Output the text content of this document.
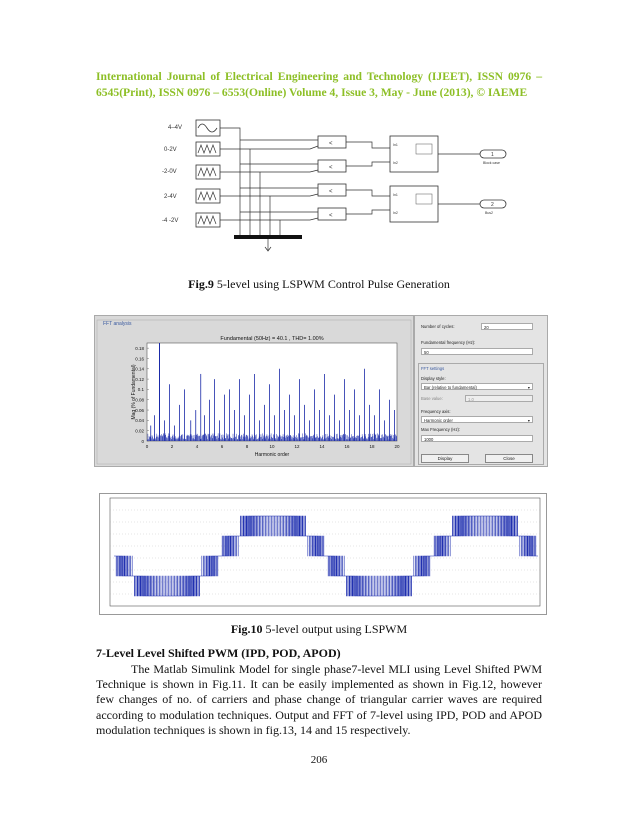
International Journal of Electrical Engineering and Technology (IJEET), ISSN 0976 – 6545(Print), ISSN 0976 – 6553(Online) Volume 4, Issue 3, May - June (2013), © IAEME
4–4V
0-2V
-2-0V
2-4V
-4 -2V
<
<
<
<
In1
In2
In1
In2
1
Block case
2
Bus2
Fig.9 5-level using LSPWM Control Pulse Generation
FFT analysis
Fundamental (50Hz) = 40.1 , THD= 1.00%
Mag (% of Fundamental)
Harmonic order
0.18
0.16
0.14
0.12
0.1
0.08
0.06
0.04
0.02
0
0	2	4	6	8	10	12	14	16	18	20
Number of cycles:	20
Fundamental frequency (Hz):
50
FFT settings
Display style:
Bar (relative to fundamental)	▾
Base value:	1.0
Frequency axis:
Harmonic order	▾
Max Frequency (Hz):
1000
Display	Close
Fig.10 5-level output using LSPWM
7-Level Level Shifted PWM (IPD, POD, APOD)
The Matlab Simulink Model for single phase7-level MLI using Level Shifted PWM Technique is shown in Fig.11. It can be easily implemented as shown in Fig.12, however few changes of no. of carriers and phase change of triangular carrier waves are required according to modulation techniques. Output and FFT of 7-level using IPD, POD and APOD modulation techniques is shown in fig.13, 14 and 15 respectively.
206
